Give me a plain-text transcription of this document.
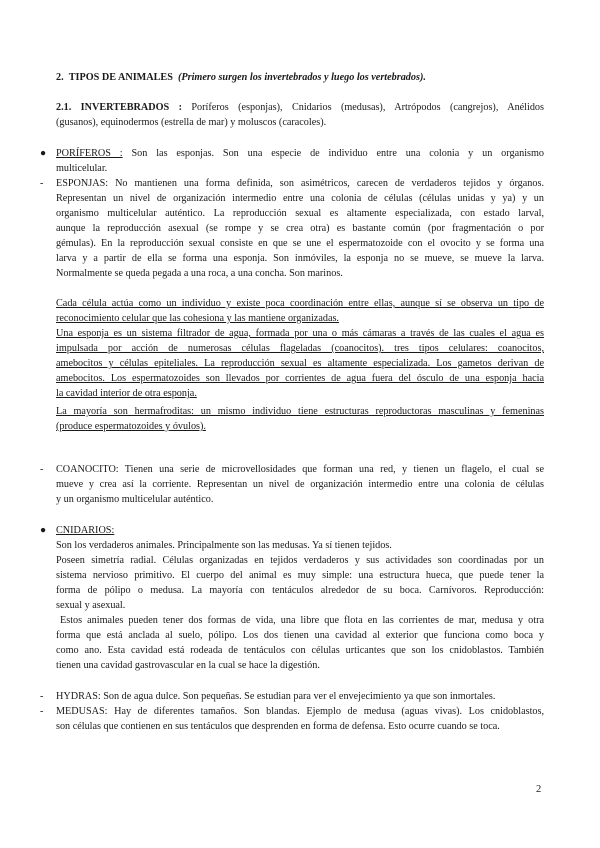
2. TIPOS DE ANIMALES (Primero surgen los invertebrados y luego los vertebrados).
2.1. INVERTEBRADOS : Poríferos (esponjas), Cnidarios (medusas), Artrópodos (cangrejos), Anélidos
(gusanos), equinodermos (estrella de mar) y moluscos (caracoles).
● PORÍFEROS : Son las esponjas. Son una especie de individuo entre una colonia y un organismo
multicelular.
- ESPONJAS: No mantienen una forma definida, son asimétricos, carecen de verdaderos tejidos y órganos.
Representan un nivel de organización intermedio entre una colonia de células (células unidas y ya) y un
organismo multicelular auténtico. La reproducción sexual es altamente especializada, con estado larval,
aunque la reproducción asexual (se rompe y se crea otra) es bastante común (por fragmentación o por
gémulas). En la reproducción sexual consiste en que se une el espermatozoide con el ovocito y se forma una
larva y a partir de ella se forma una esponja. Son inmóviles, la esponja no se mueve, se mueve la larva.
Normalmente se queda pegada a una roca, a una concha. Son marinos.
Cada célula actúa como un individuo y existe poca coordinación entre ellas, aunque sí se observa un tipo de
reconocimiento celular que las cohesiona y las mantiene organizadas.
Una esponja es un sistema filtrador de agua, formada por una o más cámaras a través de las cuales el agua es
impulsada por acción de numerosas células flageladas (coanocitos). tres tipos celulares: coanocitos,
amebocitos y células epiteliales. La reproducción sexual es altamente especializada. Los gametos derivan de
amebocitos. Los espermatozoides son llevados por corrientes de agua fuera del ósculo de una esponja hacia
la cavidad interior de otra esponja.
La mayoría son hermafroditas: un mismo individuo tiene estructuras reproductoras masculinas y femeninas
(produce espermatozoides y óvulos).
- COANOCITO: Tienen una serie de microvellosidades que forman una red, y tienen un flagelo, el cual se
mueve y crea así la corriente. Representan un nivel de organización intermedio entre una colonia de células
y un organismo multicelular auténtico.
● CNIDARIOS:
Son los verdaderos animales. Principalmente son las medusas. Ya sí tienen tejidos.
Poseen simetría radial. Células organizadas en tejidos verdaderos y sus actividades son coordinadas por un
sistema nervioso primitivo. El cuerpo del animal es muy simple: una estructura hueca, que puede tener la
forma de pólipo o medusa. La mayoría con tentáculos alrededor de su boca. Carnívoros. Reproducción:
sexual y asexual.
Estos animales pueden tener dos formas de vida, una libre que flota en las corrientes de mar, medusa y otra
forma que está anclada al suelo, pólipo. Los dos tienen una cavidad al exterior que funciona como boca y
como ano. Esta cavidad está rodeada de tentáculos con células urticantes que son los cnidoblastos. También
tienen una cavidad gastrovascular en la cual se hace la digestión.
- HYDRAS: Son de agua dulce. Son pequeñas. Se estudian para ver el envejecimiento ya que son inmortales.
- MEDUSAS: Hay de diferentes tamaños. Son blandas. Ejemplo de medusa (aguas vivas). Los cnidoblastos,
son células que contienen en sus tentáculos que desprenden en forma de defensa. Esto ocurre cuando se toca.
2
